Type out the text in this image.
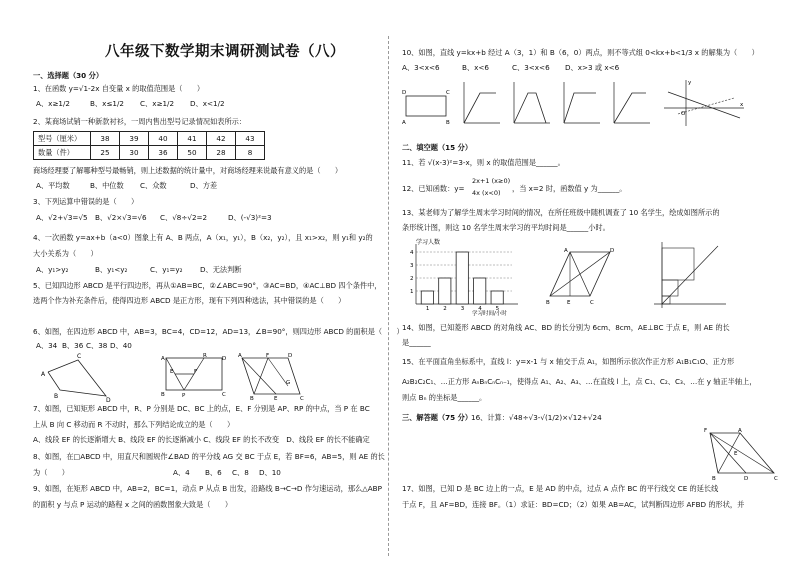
八年级下数学期末调研测试卷（八）
一、选择题（30 分）
1、在函数 y=√1-2x 自变量 x 的取值范围是（　　）
A、x≥1/2	B、x≤1/2 C、x≥1/2 D、x<1/2
2、某商场试销一种新款衬衫，一周内售出型号记录情况如表所示：
型号（厘米）	38	39	40	41	42	43
数量（件）	25	30	36	50	28	8
商场经理要了解哪种型号最畅销，则上述数据的统计量中，对商场经理来说最有意义的是（　　）
A、平均数	B、中位数 C、众数	D、方差
3、下列运算中错误的是（　　）
A、√2+√3=√5 B、√2×√3=√6 C、√8÷√2=2	D、(-√3)²=3
4、一次函数 y=ax+b（a<0）图象上有 A、B 两点，A（x₁，y₁），B（x₂，y₂），且 x₁>x₂，则 y₁和 y₂的
大小关系为（　　）
A、y₁>y₂	B、y₁<y₂	C、y₁=y₂ D、无法判断
5、已知四边形 ABCD 是平行四边形，再从①AB=BC，②∠ABC=90°，③AC=BD，④AC⊥BD 四个条件中，
选两个作为补充条件后，使得四边形 ABCD 是正方形，现有下列四种选法，其中错误的是（　　）
6、如图，在四边形 ABCD 中，AB=3，BC=4，CD=12，AD=13，∠B=90°，则四边形 ABCD 的面积是（　　）
A、34 B、36 C、38 D、40
A
B
C
D
A	D
R
F
E
B	P	C
A	D
F
G
B	E	C
7、如图，已知矩形 ABCD 中，R、P 分别是 DC、BC 上的点，E、F 分别是 AP、RP 的中点，当 P 在 BC
上从 B 向 C 移动而 R 不动时，那么下列结论成立的是（　　）
A、线段 EF 的长逐渐增大 B、线段 EF 的长逐渐减小 C、线段 EF 的长不改变　D、线段 EF 的长不能确定
8、如图，在□ABCD 中，用直尺和圆规作∠BAD 的平分线 AG 交 BC 于点 E，若 BF=6，AB=5，则 AE 的长
为（　　）	A、4 B、6 C、8 D、10
9、如图，在矩形 ABCD 中，AB=2，BC=1，动点 P 从点 B 出发，沿路线 B→C→D 作匀速运动，那么△ABP
的面积 y 与点 P 运动的路程 x 之间的函数图象大致是（　　）
10、如图，直线 y=kx+b 经过 A（3，1）和 B（6，0）两点，则不等式组 0<kx+b<1/3 x 的解集为（　　）
A、3<x<6	B、x<6	C、3<x<6 D、x>3 或 x<6
D	C
A	B
O
x
y
二、填空题（15 分）
11、若 √(x-3)²=3-x，则 x 的取值范围是______。
12、已知函数：y=
2x+1 (x≥0)
4x (x<0) ，当 x=2 时，函数值 y 为______。
13、某老师为了解学生周末学习时间的情况，在所任班级中随机调查了 10 名学生，绘成如图所示的
条形统计图，则这 10 名学生周末学习的平均时间是______小时。
学习人数
学习时间/小时
1
2
3
4
1	2	3	4	5
A
B	C
D
E
14、如图，已知菱形 ABCD 的对角线 AC、BD 的长分别为 6cm、8cm，AE⊥BC 于点 E，则 AE 的长
是______
15、在平面直角坐标系中，直线 l：y=x-1 与 x 轴交于点 A₁，如图所示依次作正方形 A₁B₁C₁O、正方形
A₂B₂C₂C₁、…正方形 AₙBₙCₙCₙ₋₁，使得点 A₁、A₂、A₃、…在直线 l 上，点 C₁、C₂、C₃、…在 y 轴正半轴上，
则点 Bₙ 的坐标是______。
三、解答题（75 分）
16、计算：√48÷√3-√(1/2)×√12+√24
F	A
B	D	C
E
17、如图，已知 D 是 BC 边上的一点，E 是 AD 的中点，过点 A 点作 BC 的平行线交 CE 的延长线
于点 F，且 AF=BD，连接 BF。（1）求证：BD=CD；（2）如果 AB=AC，试判断四边形 AFBD 的形状，并
